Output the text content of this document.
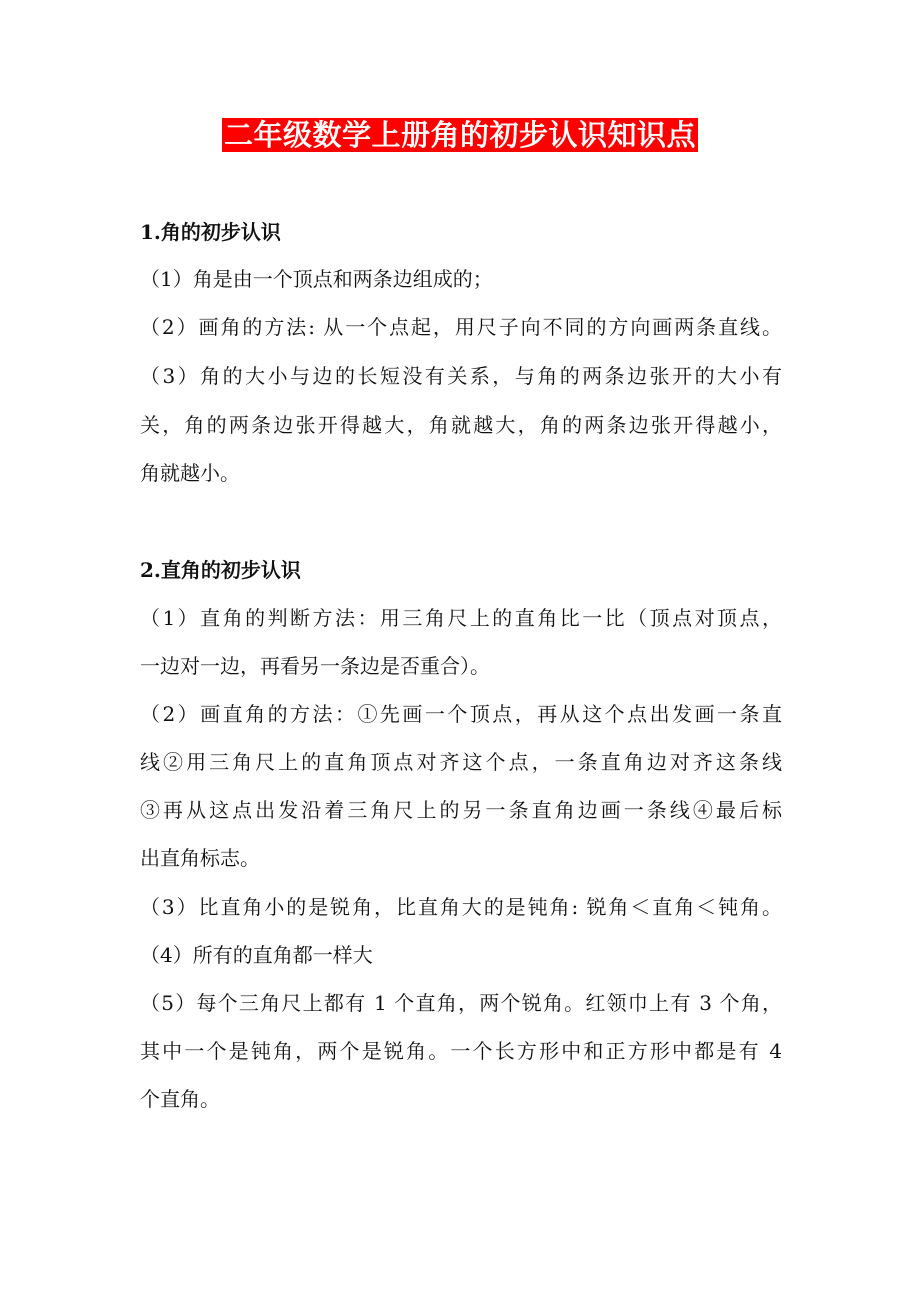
二年级数学上册角的初步认识知识点
1.角的初步认识
（1）角是由一个顶点和两条边组成的；
（2）画角的方法: 从一个点起，用尺子向不同的方向画两条直线。
（3）角的大小与边的长短没有关系，与角的两条边张开的大小有
关，角的两条边张开得越大，角就越大，角的两条边张开得越小，
角就越小。
2.直角的初步认识
（1）直角的判断方法：用三角尺上的直角比一比（顶点对顶点，
一边对一边，再看另一条边是否重合）。
（2）画直角的方法：①先画一个顶点，再从这个点出发画一条直
线②用三角尺上的直角顶点对齐这个点，一条直角边对齐这条线
③再从这点出发沿着三角尺上的另一条直角边画一条线④最后标
出直角标志。
（3）比直角小的是锐角，比直角大的是钝角: 锐角＜直角＜钝角。
（4）所有的直角都一样大
（5）每个三角尺上都有 1 个直角，两个锐角。红领巾上有 3 个角，
其中一个是钝角，两个是锐角。一个长方形中和正方形中都是有 4
个直角。
